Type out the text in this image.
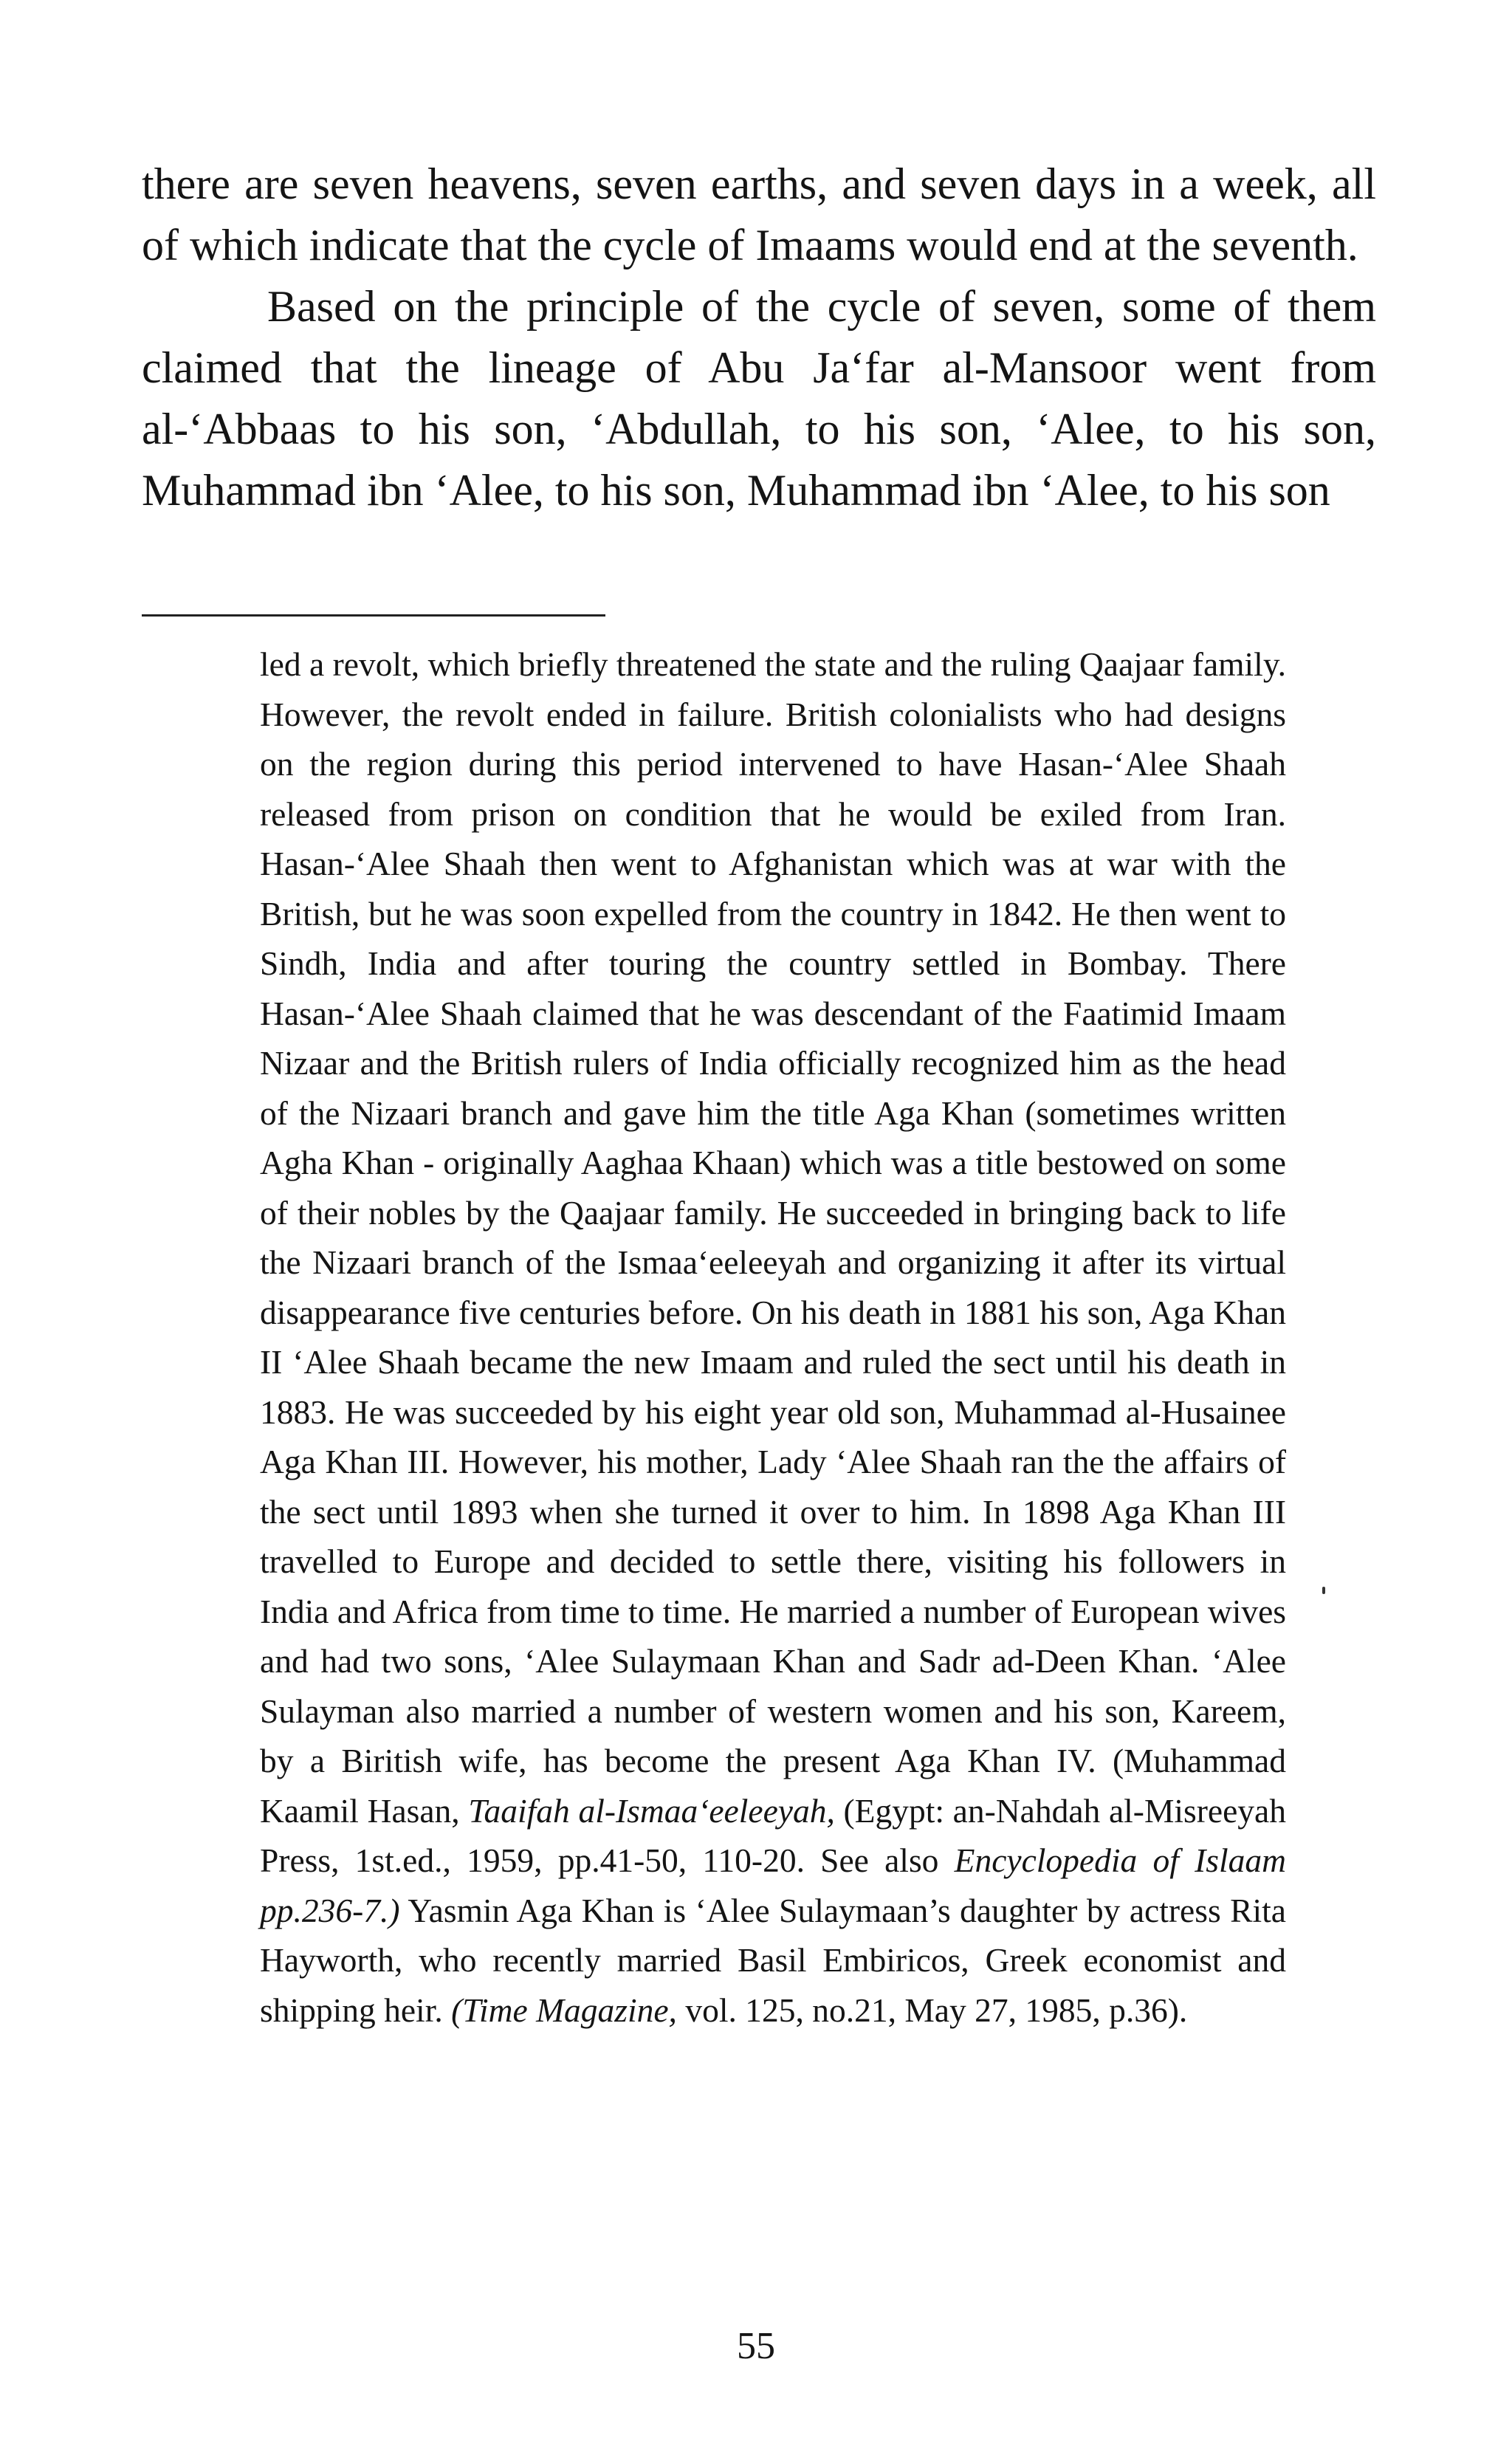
there are seven heavens, seven earths, and seven days in a week, all of which indicate that the cycle of Imaams would end at the seventh.

Based on the principle of the cycle of seven, some of them claimed that the lineage of Abu Ja‘far al-Mansoor went from al-‘Abbaas to his son, ‘Abdullah, to his son, ‘Alee, to his son, Muhammad ibn ‘Alee, to his son, Muhammad ibn ‘Alee, to his son

led a revolt, which briefly threatened the state and the ruling Qaajaar family. However, the revolt ended in failure. British colonialists who had designs on the region during this period intervened to have Hasan-‘Alee Shaah released from prison on condition that he would be exiled from Iran. Hasan-‘Alee Shaah then went to Afghanistan which was at war with the British, but he was soon expelled from the country in 1842. He then went to Sindh, India and after touring the country settled in Bombay. There Hasan-‘Alee Shaah claimed that he was descendant of the Faatimid Imaam Nizaar and the British rulers of India officially recognized him as the head of the Nizaari branch and gave him the title Aga Khan (sometimes written Agha Khan - originally Aaghaa Khaan) which was a title bestowed on some of their nobles by the Qaajaar family. He succeeded in bringing back to life the Nizaari branch of the Ismaa‘eeleeyah and organizing it after its virtual disappearance five centuries before. On his death in 1881 his son, Aga Khan II ‘Alee Shaah became the new Imaam and ruled the sect until his death in 1883. He was succeeded by his eight year old son, Muhammad al-Husainee Aga Khan III. However, his mother, Lady ‘Alee Shaah ran the the affairs of the sect until 1893 when she turned it over to him. In 1898 Aga Khan III travelled to Europe and decided to settle there, visiting his followers in India and Africa from time to time. He married a number of European wives and had two sons, ‘Alee Sulaymaan Khan and Sadr ad-Deen Khan. ‘Alee Sulayman also married a number of western women and his son, Kareem, by a Biritish wife, has become the present Aga Khan IV. (Muhammad Kaamil Hasan, Taaifah al-Ismaa‘eeleeyah, (Egypt: an-Nahdah al-Misreeyah Press, 1st.ed., 1959, pp.41-50, 110-20. See also Encyclopedia of Islaam pp.236-7.) Yasmin Aga Khan is ‘Alee Sulaymaan’s daughter by actress Rita Hayworth, who recently married Basil Embiricos, Greek economist and shipping heir. (Time Magazine, vol. 125, no.21, May 27, 1985, p.36).

55
